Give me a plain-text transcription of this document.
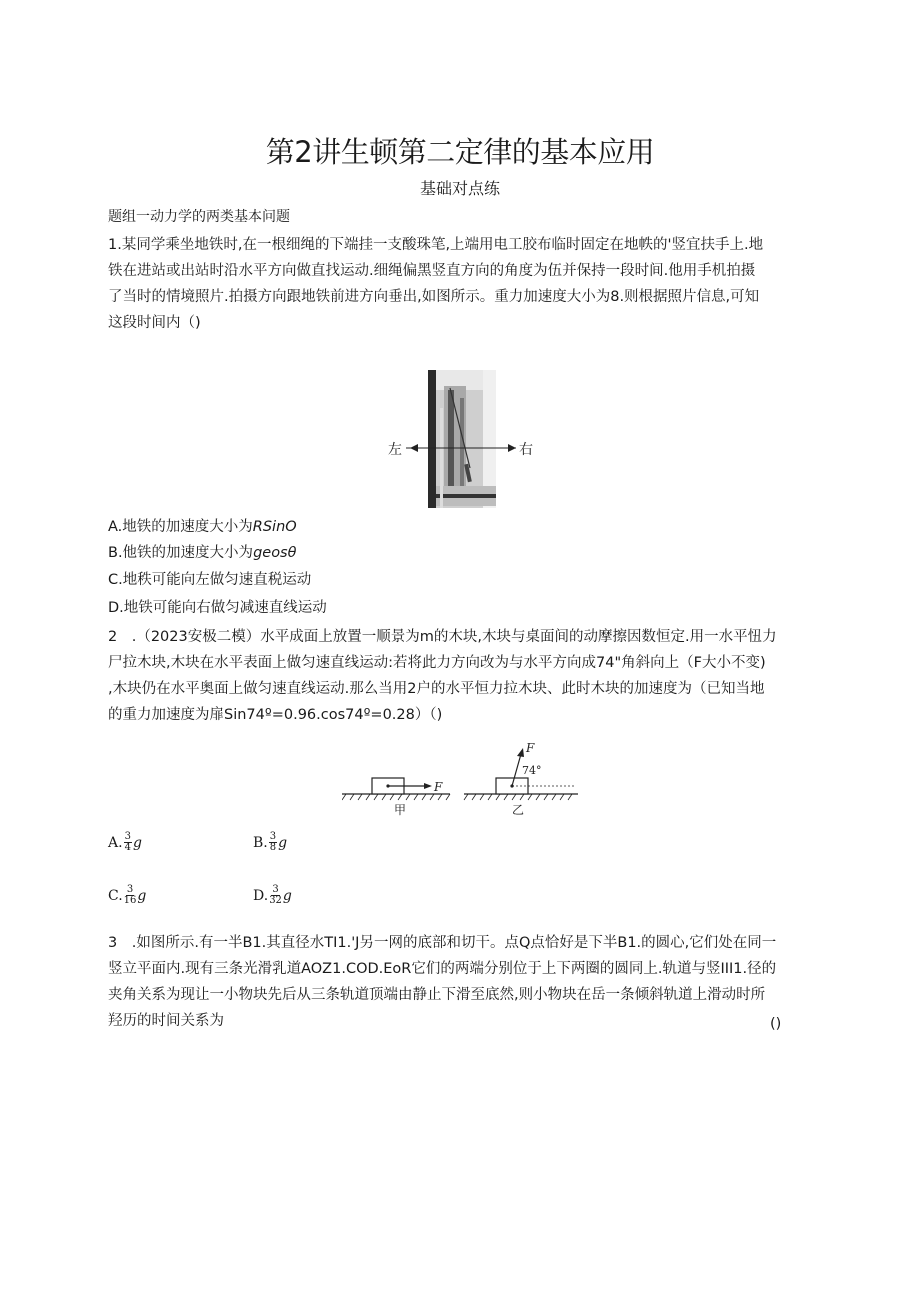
第2讲生顿第二定律的基本应用
基础对点练
题组一动力学的两类基本问题

1.某同学乘坐地铁时,在一根细绳的下端挂一支酸珠笔,上端用电工胶布临时固定在地帙的'竖宜扶手上.地

铁在进站或出站时沿水平方向做直找运动.细绳偏黑竖直方向的角度为伍并保持一段时间.他用手机拍摄

了当时的情境照片.拍摄方向跟地铁前进方向垂出,如图所示。重力加速度大小为8.则根据照片信息,可知

这段时间内（)

左	右
A.地铁的加速度大小为RSinO
B.他铁的加速度大小为geosθ
C.地秩可能向左做匀速直税运动
D.地铁可能向右做匀减速直线运动

2　.（2023安极二模）水平成面上放置一顺景为m的木块,木块与桌面间的动摩擦因数恒定.用一水平忸力

尸拉木块,木块在水平表面上做匀速直线运动:若将此力方向改为与水平方向成74"角斜向上（F大小不变)

,木块仍在水平奥面上做匀速直线运动.那么当用2户的水平恒力拉木块、此时木块的加速度为（已知当地

的重力加速度为扉Sin74º=0.96.cos74º=0.28）（)

F
甲
F
74°
乙
A. $\frac{3}{4}$ g	B. $\frac{3}{8}$ g
C. $\frac{3}{16}$ g	D. $\frac{3}{32}$ g

3　.如图所示.有一半B1.其直径水TI1.'J另一网的底部和切干。点Q点恰好是下半B1.的圆心,它们处在同一

竖立平面内.现有三条光滑乳道AOZ1.COD.EoR它们的两端分别位于上下两圈的圆同上.轨道与竖III1.径的

夹角关系为现让一小物块先后从三条轨道顶端由静止下滑至底然,则小物块在岳一条倾斜轨道上滑动时所

羟历的时间关系为	()
